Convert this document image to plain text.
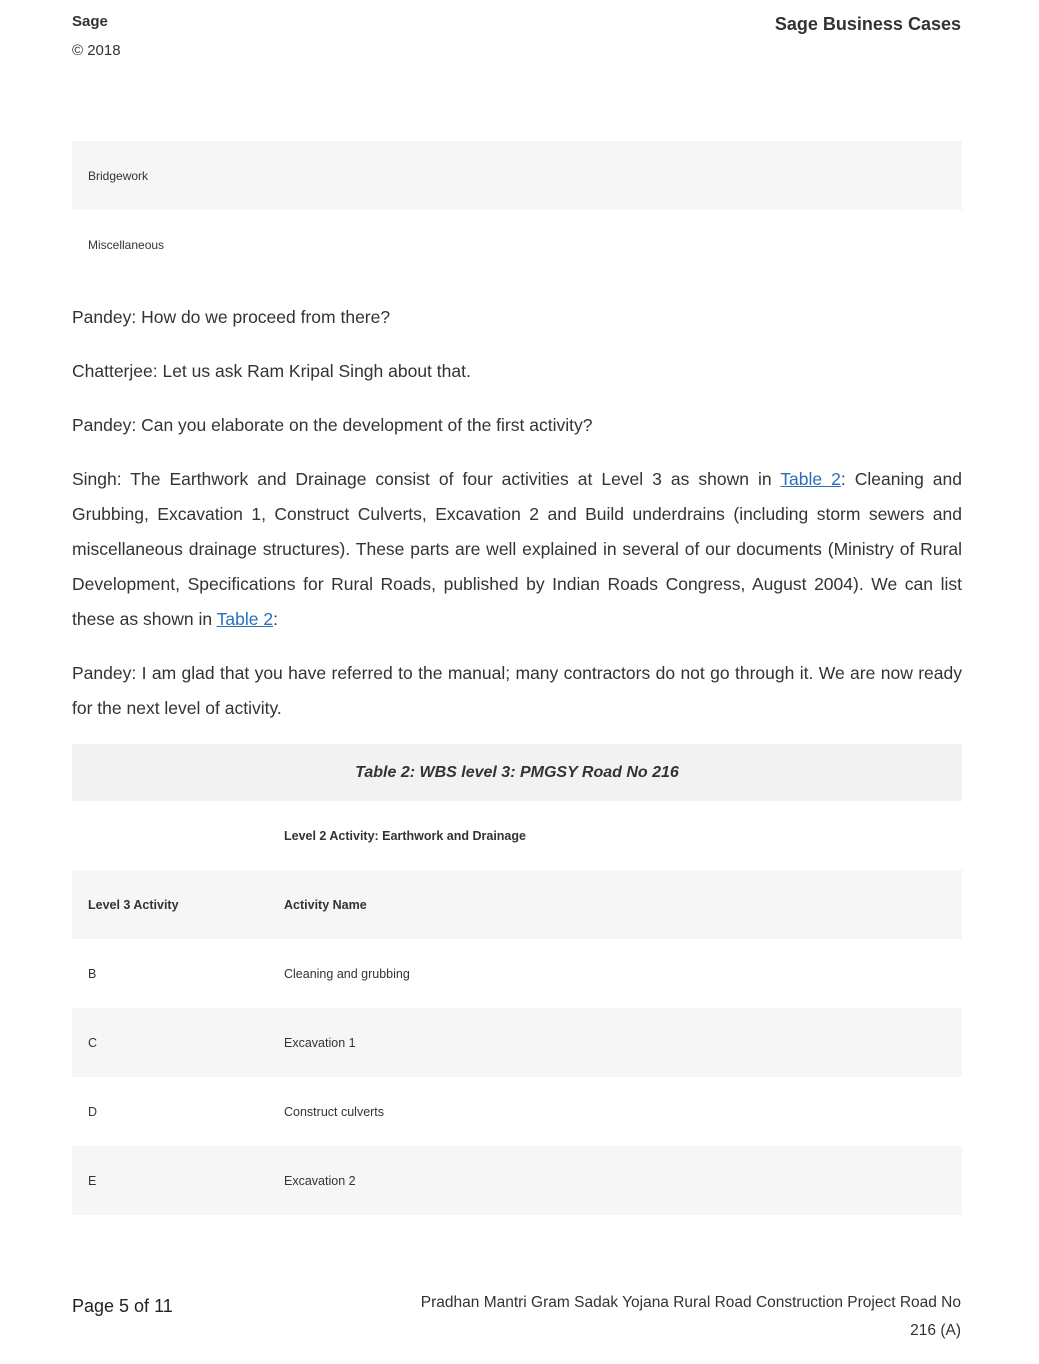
Sage
© 2018
Sage Business Cases
Bridgework
Miscellaneous

Pandey: How do we proceed from there?

Chatterjee: Let us ask Ram Kripal Singh about that.

Pandey: Can you elaborate on the development of the first activity?

Singh: The Earthwork and Drainage consist of four activities at Level 3 as shown in Table 2: Cleaning and Grubbing, Excavation 1, Construct Culverts, Excavation 2 and Build underdrains (including storm sewers and miscellaneous drainage structures). These parts are well explained in several of our documents (Ministry of Rural Development, Specifications for Rural Roads, published by Indian Roads Congress, August 2004). We can list these as shown in Table 2:

Pandey: I am glad that you have referred to the manual; many contractors do not go through it. We are now ready for the next level of activity.

Table 2: WBS level 3: PMGSY Road No 216
Level 2 Activity: Earthwork and Drainage
Level 3 Activity	Activity Name
B	Cleaning and grubbing
C	Excavation 1
D	Construct culverts
E	Excavation 2
Page 5 of 11	Pradhan Mantri Gram Sadak Yojana Rural Road Construction Project Road No 216 (A)
